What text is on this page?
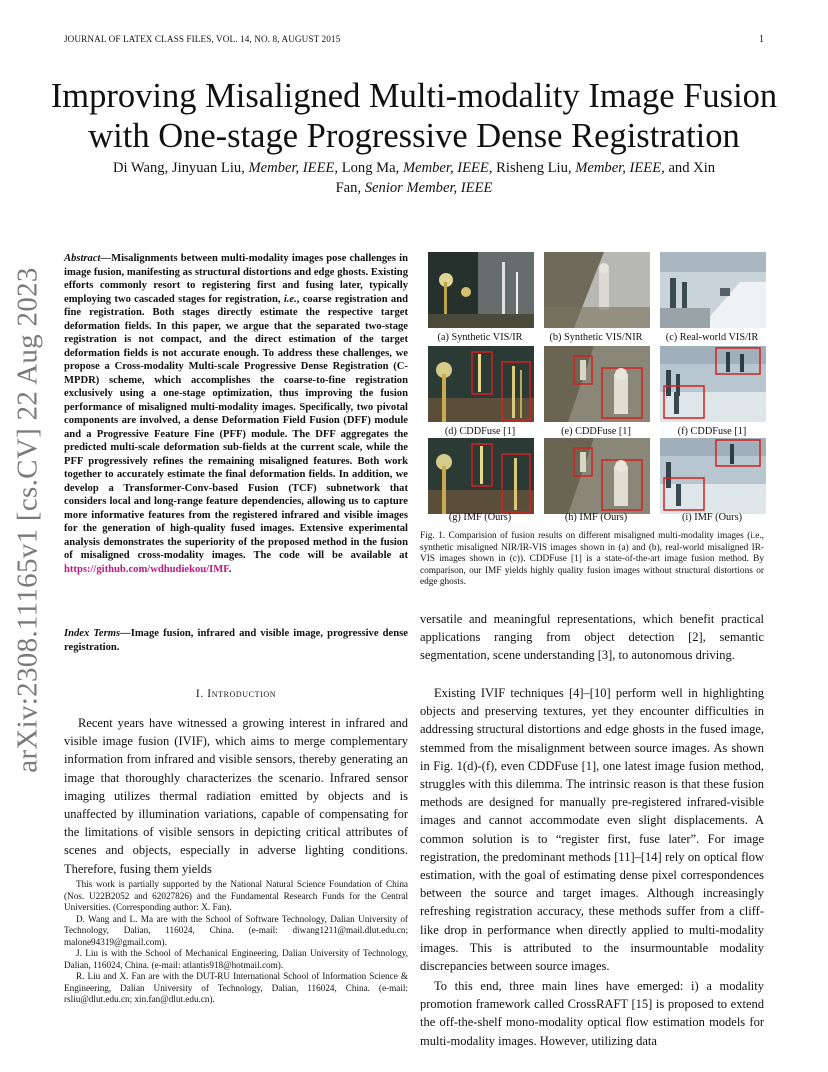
JOURNAL OF LATEX CLASS FILES, VOL. 14, NO. 8, AUGUST 2015	1
arXiv:2308.11165v1 [cs.CV] 22 Aug 2023
Improving Misaligned Multi-modality Image Fusion with One-stage Progressive Dense Registration
Di Wang, Jinyuan Liu, Member, IEEE, Long Ma, Member, IEEE, Risheng Liu, Member, IEEE, and Xin
Fan, Senior Member, IEEE
Abstract—Misalignments between multi-modality images pose challenges in image fusion, manifesting as structural distortions and edge ghosts. Existing efforts commonly resort to registering first and fusing later, typically employing two cascaded stages for registration, i.e., coarse registration and fine registration. Both stages directly estimate the respective target deformation fields. In this paper, we argue that the separated two-stage registration is not compact, and the direct estimation of the target deformation fields is not accurate enough. To address these challenges, we propose a Cross-modality Multi-scale Progressive Dense Registration (C-MPDR) scheme, which accomplishes the coarse-to-fine registration exclusively using a one-stage optimization, thus improving the fusion performance of misaligned multi-modality images. Specifically, two pivotal components are involved, a dense Deformation Field Fusion (DFF) module and a Progressive Feature Fine (PFF) module. The DFF aggregates the predicted multi-scale deformation sub-fields at the current scale, while the PFF progressively refines the remaining misaligned features. Both work together to accurately estimate the final deformation fields. In addition, we develop a Transformer-Conv-based Fusion (TCF) subnetwork that considers local and long-range feature dependencies, allowing us to capture more informative features from the registered infrared and visible images for the generation of high-quality fused images. Extensive experimental analysis demonstrates the superiority of the proposed method in the fusion of misaligned cross-modality images. The code will be available at https://github.com/wdhudiekou/IMF.
Index Terms—Image fusion, infrared and visible image, progressive dense registration.
I. Introduction
Recent years have witnessed a growing interest in infrared and visible image fusion (IVIF), which aims to merge complementary information from infrared and visible sensors, thereby generating an image that thoroughly characterizes the scenario. Infrared sensor imaging utilizes thermal radiation emitted by objects and is unaffected by illumination variations, capable of compensating for the limitations of visible sensors in depicting critical attributes of scenes and objects, especially in adverse lighting conditions. Therefore, fusing them yields

This work is partially supported by the National Natural Science Foundation of China (Nos. U22B2052 and 62027826) and the Fundamental Research Funds for the Central Universities. (Corresponding author: X. Fan).

D. Wang and L. Ma are with the School of Software Technology, Dalian University of Technology, Dalian, 116024, China. (e-mail: diwang1211@mail.dlut.edu.cn; malone94319@gmail.com).

J. Liu is with the School of Mechanical Engineering, Dalian University of Technology, Dalian, 116024, China. (e-mail: atlantis918@hotmail.com).

R. Liu and X. Fan are with the DUT-RU International School of Information Science & Engineering, Dalian University of Technology, Dalian, 116024, China. (e-mail: rsliu@dlut.edu.cn; xin.fan@dlut.edu.cn).

(a) Synthetic VIS/IR	(b) Synthetic VIS/NIR	(c) Real-world VIS/IR
(d) CDDFuse [1]	(e) CDDFuse [1]	(f) CDDFuse [1]
(g) IMF (Ours)	(h) IMF (Ours)	(i) IMF (Ours)
Fig. 1. Comparision of fusion results on different misaligned multi-modality images (i.e., synthetic misaligned NIR/IR-VIS images shown in (a) and (b), real-world misaligned IR-VIS images shown in (c)). CDDFuse [1] is a state-of-the-art image fusion method. By comparison, our IMF yields highly quality fusion images without structural distortions or edge ghosts.
versatile and meaningful representations, which benefit practical applications ranging from object detection [2], semantic segmentation, scene understanding [3], to autonomous driving.
Existing IVIF techniques [4]–[10] perform well in highlighting objects and preserving textures, yet they encounter difficulties in addressing structural distortions and edge ghosts in the fused image, stemmed from the misalignment between source images. As shown in Fig. 1(d)-(f), even CDDFuse [1], one latest image fusion method, struggles with this dilemma. The intrinsic reason is that these fusion methods are designed for manually pre-registered infrared-visible images and cannot accommodate even slight displacements. A common solution is to “register first, fuse later”. For image registration, the predominant methods [11]–[14] rely on optical flow estimation, with the goal of estimating dense pixel correspondences between the source and target images. Although increasingly refreshing registration accuracy, these methods suffer from a cliff-like drop in performance when directly applied to multi-modality images. This is attributed to the insurmountable modality discrepancies between source images.
To this end, three main lines have emerged: i) a modality promotion framework called CrossRAFT [15] is proposed to extend the off-the-shelf mono-modality optical flow estimation models for multi-modality images. However, utilizing data
